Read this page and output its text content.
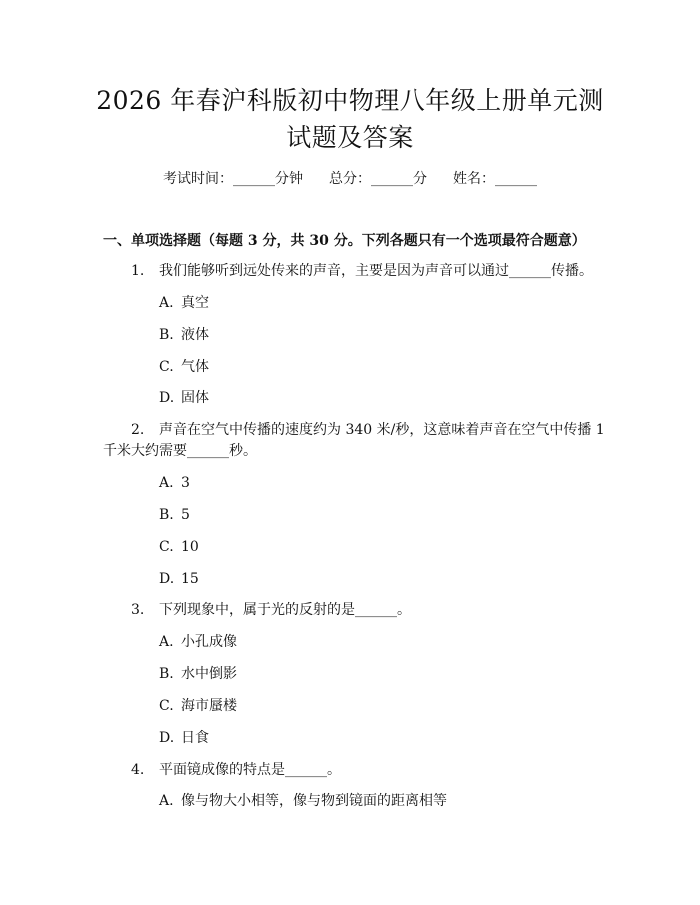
2026 年春沪科版初中物理八年级上册单元测
试题及答案
考试时间：______分钟 总分：______分 姓名：______
一、单项选择题（每题 3 分，共 30 分。下列各题只有一个选项最符合题意）
1. 我们能够听到远处传来的声音，主要是因为声音可以通过______传播。
A. 真空
B. 液体
C. 气体
D. 固体
2. 声音在空气中传播的速度约为 340 米/秒，这意味着声音在空气中传播 1
千米大约需要______秒。
A. 3
B. 5
C. 10
D. 15
3. 下列现象中，属于光的反射的是______。
A. 小孔成像
B. 水中倒影
C. 海市蜃楼
D. 日食
4. 平面镜成像的特点是______。
A. 像与物大小相等，像与物到镜面的距离相等
